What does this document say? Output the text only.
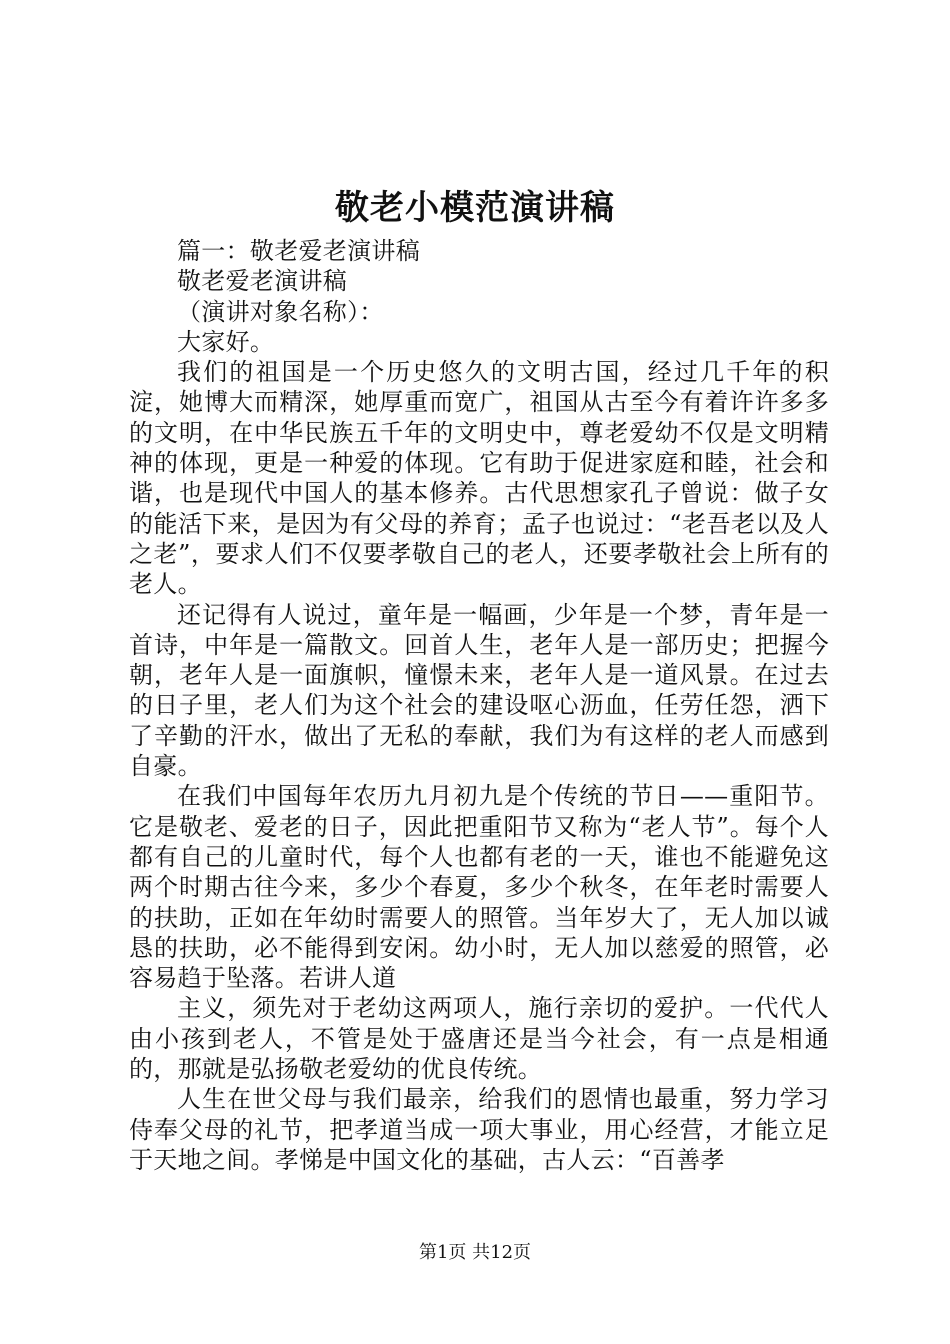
敬老小模范演讲稿

篇一：敬老爱老演讲稿

敬老爱老演讲稿

（演讲对象名称）：

大家好。

我们的祖国是一个历史悠久的文明古国，经过几千年的积淀，她博大而精深，她厚重而宽广，祖国从古至今有着许许多多的文明，在中华民族五千年的文明史中，尊老爱幼不仅是文明精神的体现，更是一种爱的体现。它有助于促进家庭和睦，社会和谐，也是现代中国人的基本修养。古代思想家孔子曾说：做子女的能活下来，是因为有父母的养育；孟子也说过：“老吾老以及人之老”，要求人们不仅要孝敬自己的老人，还要孝敬社会上所有的老人。

还记得有人说过，童年是一幅画，少年是一个梦，青年是一首诗，中年是一篇散文。回首人生，老年人是一部历史；把握今朝，老年人是一面旗帜，憧憬未来，老年人是一道风景。在过去的日子里，老人们为这个社会的建设呕心沥血，任劳任怨，洒下了辛勤的汗水，做出了无私的奉献，我们为有这样的老人而感到自豪。

在我们中国每年农历九月初九是个传统的节日——重阳节。它是敬老、爱老的日子，因此把重阳节又称为“老人节”。每个人都有自己的儿童时代，每个人也都有老的一天，谁也不能避免这两个时期古往今来，多少个春夏，多少个秋冬，在年老时需要人的扶助，正如在年幼时需要人的照管。当年岁大了，无人加以诚恳的扶助，必不能得到安闲。幼小时，无人加以慈爱的照管，必容易趋于坠落。若讲人道

主义，须先对于老幼这两项人，施行亲切的爱护。一代代人由小孩到老人，不管是处于盛唐还是当今社会，有一点是相通的，那就是弘扬敬老爱幼的优良传统。

人生在世父母与我们最亲，给我们的恩情也最重，努力学习侍奉父母的礼节，把孝道当成一项大事业，用心经营，才能立足于天地之间。孝悌是中国文化的基础，古人云：“百善孝

第1页 共12页
